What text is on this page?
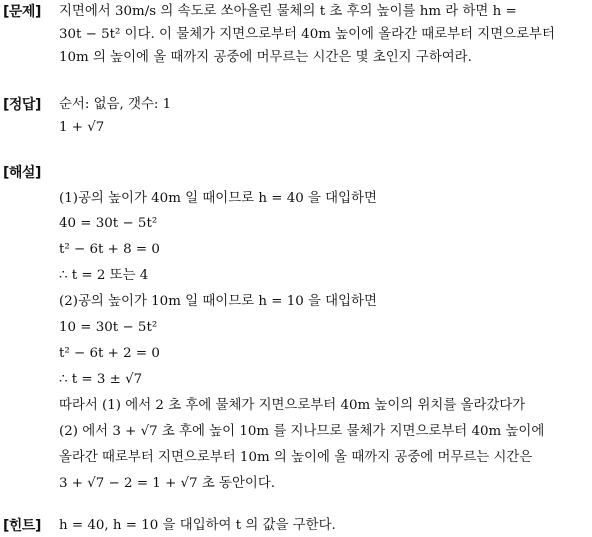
[문제] 지면에서 30m/s 의 속도로 쏘아올린 물체의 t 초 후의 높이를 hm 라 하면 h =
30t − 5t² 이다. 이 물체가 지면으로부터 40m 높이에 올라간 때로부터 지면으로부터
10m 의 높이에 올 때까지 공중에 머무르는 시간은 몇 초인지 구하여라.
[정답] 순서: 없음, 갯수: 1
1 + √7
[해설]
(1)공의 높이가 40m 일 때이므로 h = 40 을 대입하면
40 = 30t − 5t²
t² − 6t + 8 = 0
∴ t = 2 또는 4
(2)공의 높이가 10m 일 때이므로 h = 10 을 대입하면
10 = 30t − 5t²
t² − 6t + 2 = 0
∴ t = 3 ± √7
따라서 (1) 에서 2 초 후에 물체가 지면으로부터 40m 높이의 위치를 올라갔다가
(2) 에서 3 + √7 초 후에 높이 10m 를 지나므로 물체가 지면으로부터 40m 높이에
올라간 때로부터 지면으로부터 10m 의 높이에 올 때까지 공중에 머무르는 시간은
3 + √7 − 2 = 1 + √7 초 동안이다.
[힌트] h = 40, h = 10 을 대입하여 t 의 값을 구한다.
